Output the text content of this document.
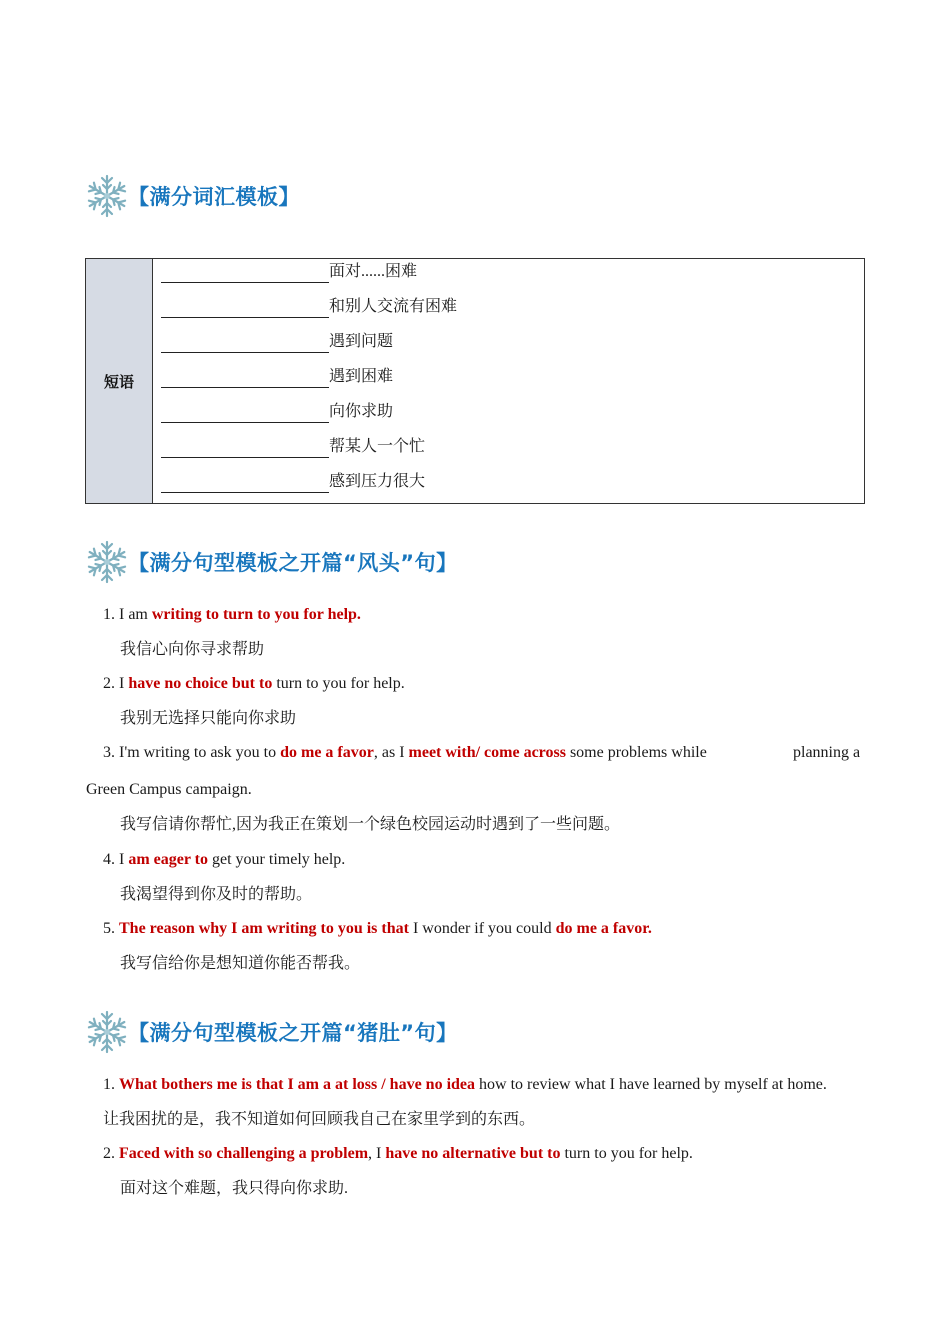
【满分词汇模板】
短语
面对......困难
和别人交流有困难
遇到问题
遇到困难
向你求助
帮某人一个忙
感到压力很大
【满分句型模板之开篇“风头”句】
1. I am writing to turn to you for help.
我信心向你寻求帮助
2. I have no choice but to turn to you for help.
我别无选择只能向你求助
3. I'm writing to ask you to do me a favor, as I meet with/ come across some problems while	planning a
Green Campus campaign.
我写信请你帮忙,因为我正在策划一个绿色校园运动时遇到了一些问题。
4. I am eager to get your timely help.
我渴望得到你及时的帮助。
5. The reason why I am writing to you is that I wonder if you could do me a favor.
我写信给你是想知道你能否帮我。
【满分句型模板之开篇“猪肚”句】
1. What bothers me is that I am a at loss / have no idea how to review what I have learned by myself at home.
让我困扰的是，我不知道如何回顾我自己在家里学到的东西。
2. Faced with so challenging a problem, I have no alternative but to turn to you for help.
面对这个难题，我只得向你求助.
